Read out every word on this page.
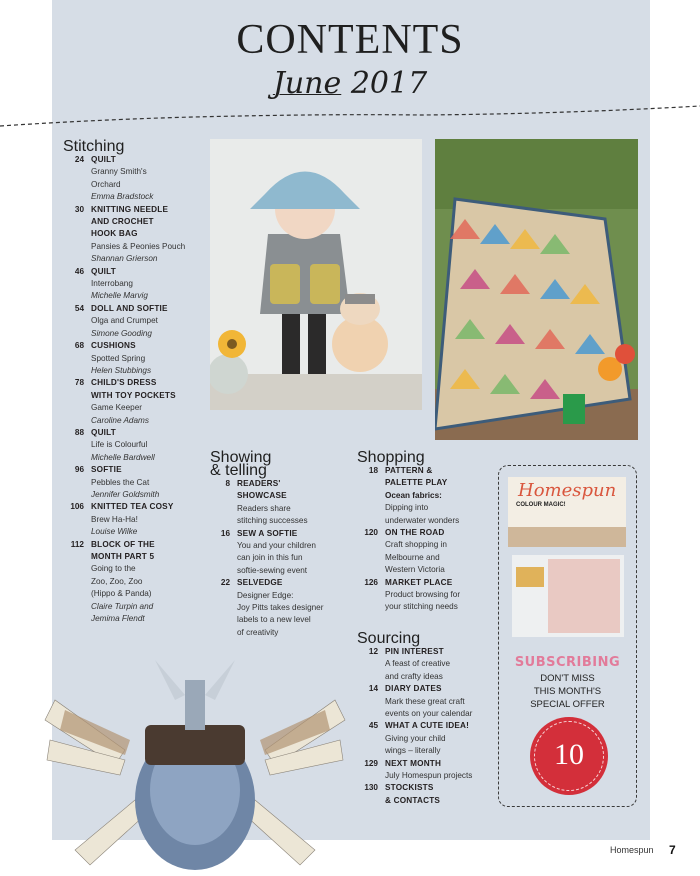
CONTENTS
June 2017
Stitching
24 QUILT
Granny Smith's
Orchard
Emma Bradstock
30 KNITTING NEEDLE
AND CROCHET
HOOK BAG
Pansies & Peonies Pouch
Shannan Grierson
46 QUILT
Interrobang
Michelle Marvig
54 DOLL AND SOFTIE
Olga and Crumpet
Simone Gooding
68 CUSHIONS
Spotted Spring
Helen Stubbings
78 CHILD'S DRESS
WITH TOY POCKETS
Game Keeper
Caroline Adams
88 QUILT
Life is Colourful
Michelle Bardwell
96 SOFTIE
Pebbles the Cat
Jennifer Goldsmith
106 KNITTED TEA COSY
Brew Ha-Ha!
Louise Wilke
112 BLOCK OF THE
MONTH PART 5
Going to the
Zoo, Zoo, Zoo
(Hippo & Panda)
Claire Turpin and
Jemima Flendt
Showing
& telling
8 READERS'
SHOWCASE
Readers share
stitching successes
16 SEW A SOFTIE
You and your children
can join in this fun
softie-sewing event
22 SELVEDGE
Designer Edge:
Joy Pitts takes designer
labels to a new level
of creativity
Shopping
18 PATTERN &
PALETTE PLAY
Ocean fabrics:
Dipping into
underwater wonders
120 ON THE ROAD
Craft shopping in
Melbourne and
Western Victoria
126 MARKET PLACE
Product browsing for
your stitching needs
Sourcing
12 PIN INTEREST
A feast of creative
and crafty ideas
14 DIARY DATES
Mark these great craft
events on your calendar
45 WHAT A CUTE IDEA!
Giving your child
wings – literally
129 NEXT MONTH
July Homespun projects
130 STOCKISTS
& CONTACTS
Homespun
COLOUR MAGIC!
SUBSCRIBING
DON'T MISS
THIS MONTH'S
SPECIAL OFFER
10
Homespun 7
